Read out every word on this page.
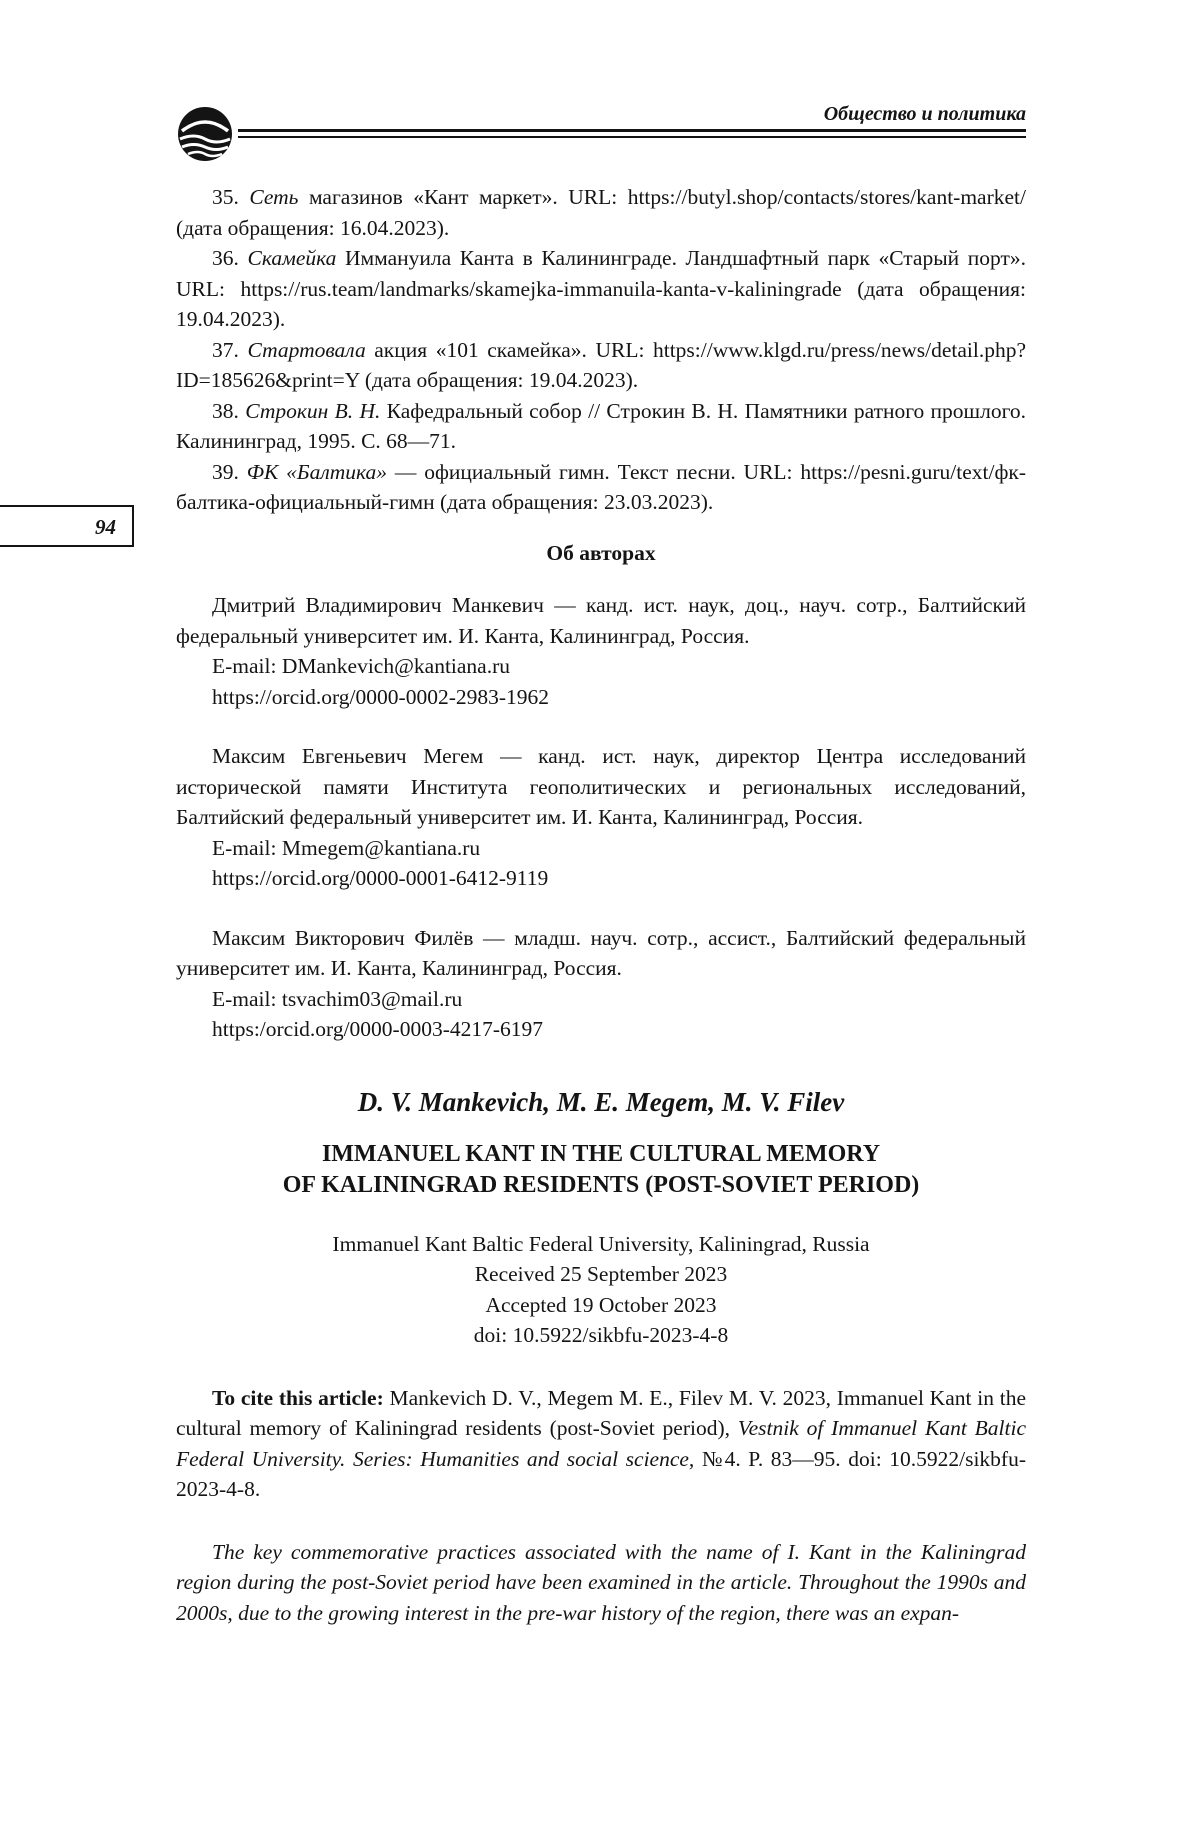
Общество и политика
94

35. Сеть магазинов «Кант маркет». URL: https://butyl.shop/contacts/stores/kant-market/ (дата обращения: 16.04.2023).

36. Скамейка Иммануила Канта в Калининграде. Ландшафтный парк «Старый порт». URL: https://rus.team/landmarks/skamejka-immanuila-kanta-v-kaliningrade (дата обращения: 19.04.2023).

37. Стартовала акция «101 скамейка». URL: https://www.klgd.ru/press/news/detail.php?ID=185626&print=Y (дата обращения: 19.04.2023).

38. Строкин В. Н. Кафедральный собор // Строкин В. Н. Памятники ратного прошлого. Калининград, 1995. С. 68—71.

39. ФК «Балтика» — официальный гимн. Текст песни. URL: https://pesni.guru/text/фк-балтика-официальный-гимн (дата обращения: 23.03.2023).

Об авторах

Дмитрий Владимирович Манкевич — канд. ист. наук, доц., науч. сотр., Балтийский федеральный университет им. И. Канта, Калининград, Россия.

E-mail: DMankevich@kantiana.ru

https://orcid.org/0000-0002-2983-1962

Максим Евгеньевич Мегем — канд. ист. наук, директор Центра исследований исторической памяти Института геополитических и региональных исследований, Балтийский федеральный университет им. И. Канта, Калининград, Россия.

E-mail: Mmegem@kantiana.ru

https://orcid.org/0000-0001-6412-9119

Максим Викторович Филёв — младш. науч. сотр., ассист., Балтийский федеральный университет им. И. Канта, Калининград, Россия.

E-mail: tsvachim03@mail.ru

https:/orcid.org/0000-0003-4217-6197

D. V. Mankevich, M. E. Megem, M. V. Filev
IMMANUEL KANT IN THE CULTURAL MEMORY
OF KALININGRAD RESIDENTS (POST-SOVIET PERIOD)
Immanuel Kant Baltic Federal University, Kaliningrad, Russia
Received 25 September 2023
Accepted 19 October 2023
doi: 10.5922/sikbfu-2023-4-8

To cite this article: Mankevich D. V., Megem M. E., Filev M. V. 2023, Immanuel Kant in the cultural memory of Kaliningrad residents (post-Soviet period), Vestnik of Immanuel Kant Baltic Federal University. Series: Humanities and social science, №4. P. 83—95. doi: 10.5922/sikbfu-2023-4-8.

The key commemorative practices associated with the name of I. Kant in the Kaliningrad region during the post-Soviet period have been examined in the article. Throughout the 1990s and 2000s, due to the growing interest in the pre-war history of the region, there was an expan-
